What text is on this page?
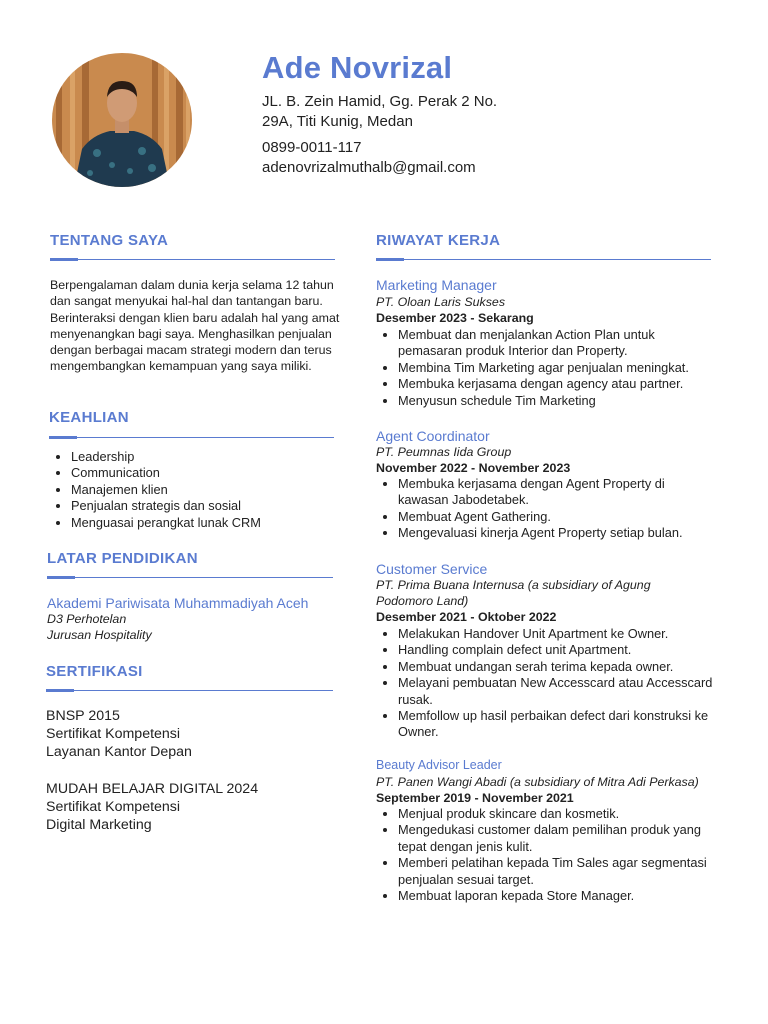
Ade Novrizal
JL. B. Zein Hamid, Gg. Perak 2 No. 29A, Titi Kunig, Medan
0899-0011-117
adenovrizalmuthalb@gmail.com
TENTANG SAYA

Berpengalaman dalam dunia kerja selama 12 tahun dan sangat menyukai hal-hal dan tantangan baru. Berinteraksi dengan klien baru adalah hal yang amat menyenangkan bagi saya. Menghasilkan penjualan dengan berbagai macam strategi modern dan terus mengembangkan kemampuan yang saya miliki.

KEAHLIAN
• Leadership
• Communication
• Manajemen klien
• Penjualan strategis dan sosial
• Menguasai perangkat lunak CRM
LATAR PENDIDIKAN
Akademi Pariwisata Muhammadiyah Aceh
D3 Perhotelan
Jurusan Hospitality
SERTIFIKASI
BNSP 2015
Sertifikat Kompetensi
Layanan Kantor Depan
MUDAH BELAJAR DIGITAL 2024
Sertifikat Kompetensi
Digital Marketing
RIWAYAT KERJA
Marketing Manager
PT. Oloan Laris Sukses
Desember 2023 - Sekarang
• Membuat dan menjalankan Action Plan untuk pemasaran produk Interior dan Property.
• Membina Tim Marketing agar penjualan meningkat.
• Membuka kerjasama dengan agency atau partner.
• Menyusun schedule Tim Marketing
Agent Coordinator
PT. Peumnas Iida Group
November 2022 - November 2023
• Membuka kerjasama dengan Agent Property di kawasan Jabodetabek.
• Membuat Agent Gathering.
• Mengevaluasi kinerja Agent Property setiap bulan.
Customer Service
PT. Prima Buana Internusa (a subsidiary of Agung Podomoro Land)
Desember 2021 - Oktober 2022
• Melakukan Handover Unit Apartment ke Owner.
• Handling complain defect unit Apartment.
• Membuat undangan serah terima kepada owner.
• Melayani pembuatan New Accesscard atau Accesscard rusak.
• Memfollow up hasil perbaikan defect dari konstruksi ke Owner.
Beauty Advisor Leader
PT. Panen Wangi Abadi (a subsidiary of Mitra Adi Perkasa)
September 2019 - November 2021
• Menjual produk skincare dan kosmetik.
• Mengedukasi customer dalam pemilihan produk yang tepat dengan jenis kulit.
• Memberi pelatihan kepada Tim Sales agar segmentasi penjualan sesuai target.
• Membuat laporan kepada Store Manager.
